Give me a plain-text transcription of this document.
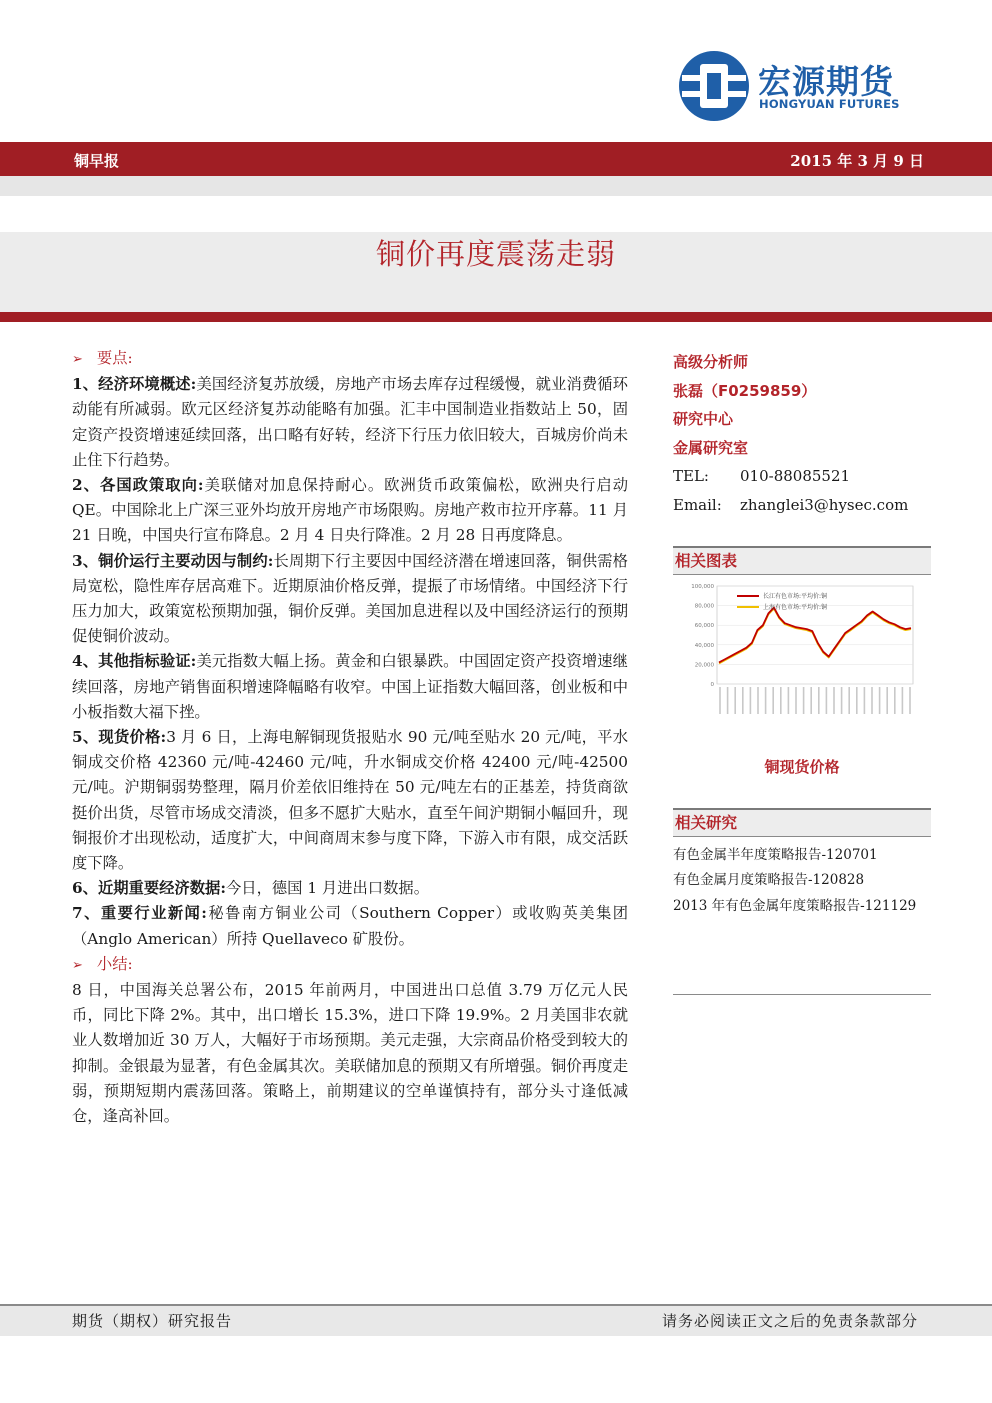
宏源期货
HONGYUAN FUTURES
铜早报	2015 年 3 月 9 日
铜价再度震荡走弱

➢ 要点:

1、经济环境概述:美国经济复苏放缓，房地产市场去库存过程缓慢，就业消费循环动能有所减弱。欧元区经济复苏动能略有加强。汇丰中国制造业指数站上 50，固定资产投资增速延续回落，出口略有好转，经济下行压力依旧较大，百城房价尚未止住下行趋势。

2、各国政策取向:美联储对加息保持耐心。欧洲货币政策偏松，欧洲央行启动 QE。中国除北上广深三亚外均放开房地产市场限购。房地产救市拉开序幕。11 月 21 日晚，中国央行宣布降息。2 月 4 日央行降准。2 月 28 日再度降息。

3、铜价运行主要动因与制约:长周期下行主要因中国经济潜在增速回落，铜供需格局宽松，隐性库存居高难下。近期原油价格反弹，提振了市场情绪。中国经济下行压力加大，政策宽松预期加强，铜价反弹。美国加息进程以及中国经济运行的预期促使铜价波动。

4、其他指标验证:美元指数大幅上扬。黄金和白银暴跌。中国固定资产投资增速继续回落，房地产销售面积增速降幅略有收窄。中国上证指数大幅回落，创业板和中小板指数大福下挫。

5、现货价格:3 月 6 日，上海电解铜现货报贴水 90 元/吨至贴水 20 元/吨，平水铜成交价格 42360 元/吨-42460 元/吨，升水铜成交价格 42400 元/吨-42500 元/吨。沪期铜弱势整理，隔月价差依旧维持在 50 元/吨左右的正基差，持货商欲挺价出货，尽管市场成交清淡，但多不愿扩大贴水，直至午间沪期铜小幅回升，现铜报价才出现松动，适度扩大，中间商周末参与度下降，下游入市有限，成交活跃度下降。

6、近期重要经济数据:今日，德国 1 月进出口数据。

7、重要行业新闻:秘鲁南方铜业公司（Southern Copper）或收购英美集团（Anglo American）所持 Quellaveco 矿股份。

➢ 小结:

8 日，中国海关总署公布，2015 年前两月，中国进出口总值 3.79 万亿元人民币，同比下降 2%。其中，出口增长 15.3%，进口下降 19.9%。2 月美国非农就业人数增加近 30 万人，大幅好于市场预期。美元走强，大宗商品价格受到较大的抑制。金银最为显著，有色金属其次。美联储加息的预期又有所增强。铜价再度走弱，预期短期内震荡回落。策略上，前期建议的空单谨慎持有，部分头寸逢低减仓，逢高补回。

高级分析师
张磊（F0259859）
研究中心
金属研究室
TEL: 010-88085521
Email: zhanglei3@hysec.com
相关图表
100,000
80,000
60,000
40,000
20,000
0
长江有色市场:平均价:铜
上海有色市场:平均价:铜
铜现货价格
相关研究
有色金属半年度策略报告-120701
有色金属月度策略报告-120828
2013 年有色金属年度策略报告-121129
期货（期权）研究报告	请务必阅读正文之后的免责条款部分
